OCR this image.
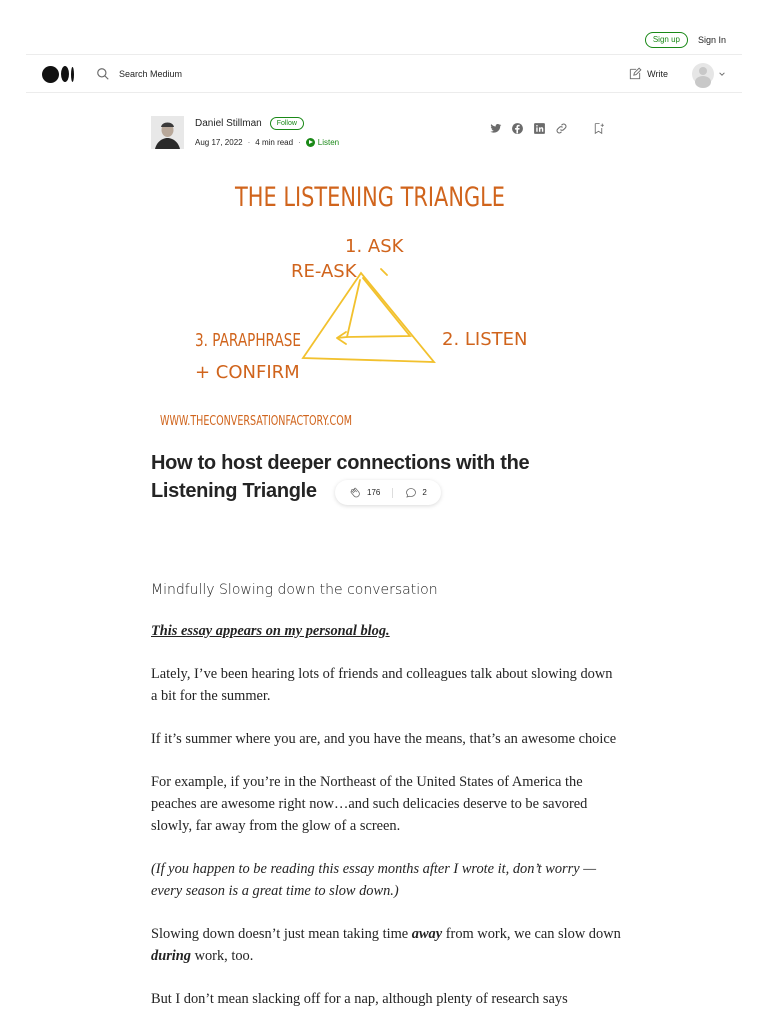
Sign up	Sign In
Search Medium
Write
Daniel Stillman	Follow
Aug 17, 2022 · 4 min read · Listen
THE LISTENING TRIANGLE
1. ASK
RE-ASK
2. LISTEN
3. PARAPHRASE
+ CONFIRM
WWW.THECONVERSATIONFACTORY.COM
How to host deeper connections with the Listening Triangle	176	2
Mindfully Slowing down the conversation

This essay appears on my personal blog.

Lately, I’ve been hearing lots of friends and colleagues talk about slowing down a bit for the summer.

If it’s summer where you are, and you have the means, that’s an awesome choice

For example, if you’re in the Northeast of the United States of America the peaches are awesome right now…and such delicacies deserve to be savored slowly, far away from the glow of a screen.

(If you happen to be reading this essay months after I wrote it, don’t worry — every season is a great time to slow down.)

Slowing down doesn’t just mean taking time away from work, we can slow down during work, too.

But I don’t mean slacking off for a nap, although plenty of research says
